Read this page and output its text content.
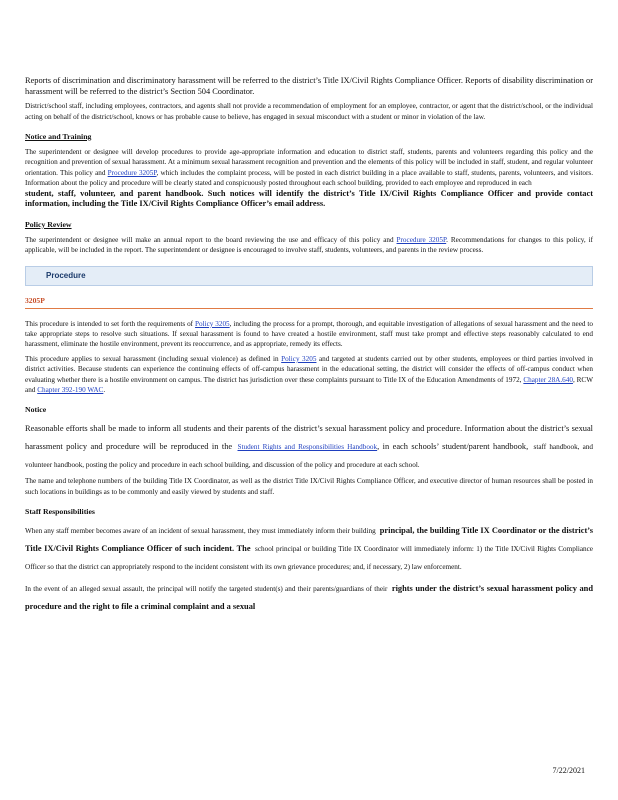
Reports of discrimination and discriminatory harassment will be referred to the district’s Title IX/Civil Rights Compliance Officer. Reports of disability discrimination or harassment will be referred to the district’s Section 504 Coordinator.

District/school staff, including employees, contractors, and agents shall not provide a recommendation of employment for an employee, contractor, or agent that the district/school, or the individual acting on behalf of the district/school, knows or has probable cause to believe, has engaged in sexual misconduct with a student or minor in violation of the law.

Notice and Training

The superintendent or designee will develop procedures to provide age-appropriate information and education to district staff, students, parents and volunteers regarding this policy and the recognition and prevention of sexual harassment. At a minimum sexual harassment recognition and prevention and the elements of this policy will be included in staff, student, and regular volunteer orientation. This policy and Procedure 3205P, which includes the complaint process, will be posted in each district building in a place available to staff, students, parents, volunteers, and visitors. Information about the policy and procedure will be clearly stated and conspicuously posted throughout each school building, provided to each employee and reproduced in each

student, staff, volunteer, and parent handbook. Such notices will identify the district’s Title IX/Civil Rights Compliance Officer and provide contact information, including the Title IX/Civil Rights Compliance Officer’s email address.

Policy Review

The superintendent or designee will make an annual report to the board reviewing the use and efficacy of this policy and Procedure 3205P. Recommendations for changes to this policy, if applicable, will be included in the report. The superintendent or designee is encouraged to involve staff, students, volunteers, and parents in the review process.

Procedure

3205P

This procedure is intended to set forth the requirements of Policy 3205, including the process for a prompt, thorough, and equitable investigation of allegations of sexual harassment and the need to take appropriate steps to resolve such situations. If sexual harassment is found to have created a hostile environment, staff must take prompt and effective steps reasonably calculated to end harassment, eliminate the hostile environment, prevent its reoccurrence, and as appropriate, remedy its effects.

This procedure applies to sexual harassment (including sexual violence) as defined in Policy 3205 and targeted at students carried out by other students, employees or third parties involved in district activities. Because students can experience the continuing effects of off-campus harassment in the educational setting, the district will consider the effects of off-campus conduct when evaluating whether there is a hostile environment on campus. The district has jurisdiction over these complaints pursuant to Title IX of the Education Amendments of 1972, Chapter 28A.640, RCW and Chapter 392-190 WAC.

Notice

Reasonable efforts shall be made to inform all students and their parents of the district’s sexual harassment policy and procedure. Information about the district’s sexual harassment policy and procedure will be reproduced in the Student Rights and Responsibilities Handbook, in each schools’ student/parent handbook, staff handbook, and volunteer handbook, posting the policy and procedure in each school building, and discussion of the policy and procedure at each school.

The name and telephone numbers of the building Title IX Coordinator, as well as the district Title IX/Civil Rights Compliance Officer, and executive director of human resources shall be posted in such locations in buildings as to be commonly and easily viewed by students and staff.

Staff Responsibilities

When any staff member becomes aware of an incident of sexual harassment, they must immediately inform their building principal, the building Title IX Coordinator or the district’s Title IX/Civil Rights Compliance Officer of such incident. The school principal or building Title IX Coordinator will immediately inform: 1) the Title IX/Civil Rights Compliance Officer so that the district can appropriately respond to the incident consistent with its own grievance procedures; and, if necessary, 2) law enforcement.

In the event of an alleged sexual assault, the principal will notify the targeted student(s) and their parents/guardians of their rights under the district’s sexual harassment policy and procedure and the right to file a criminal complaint and a sexual

7/22/2021
